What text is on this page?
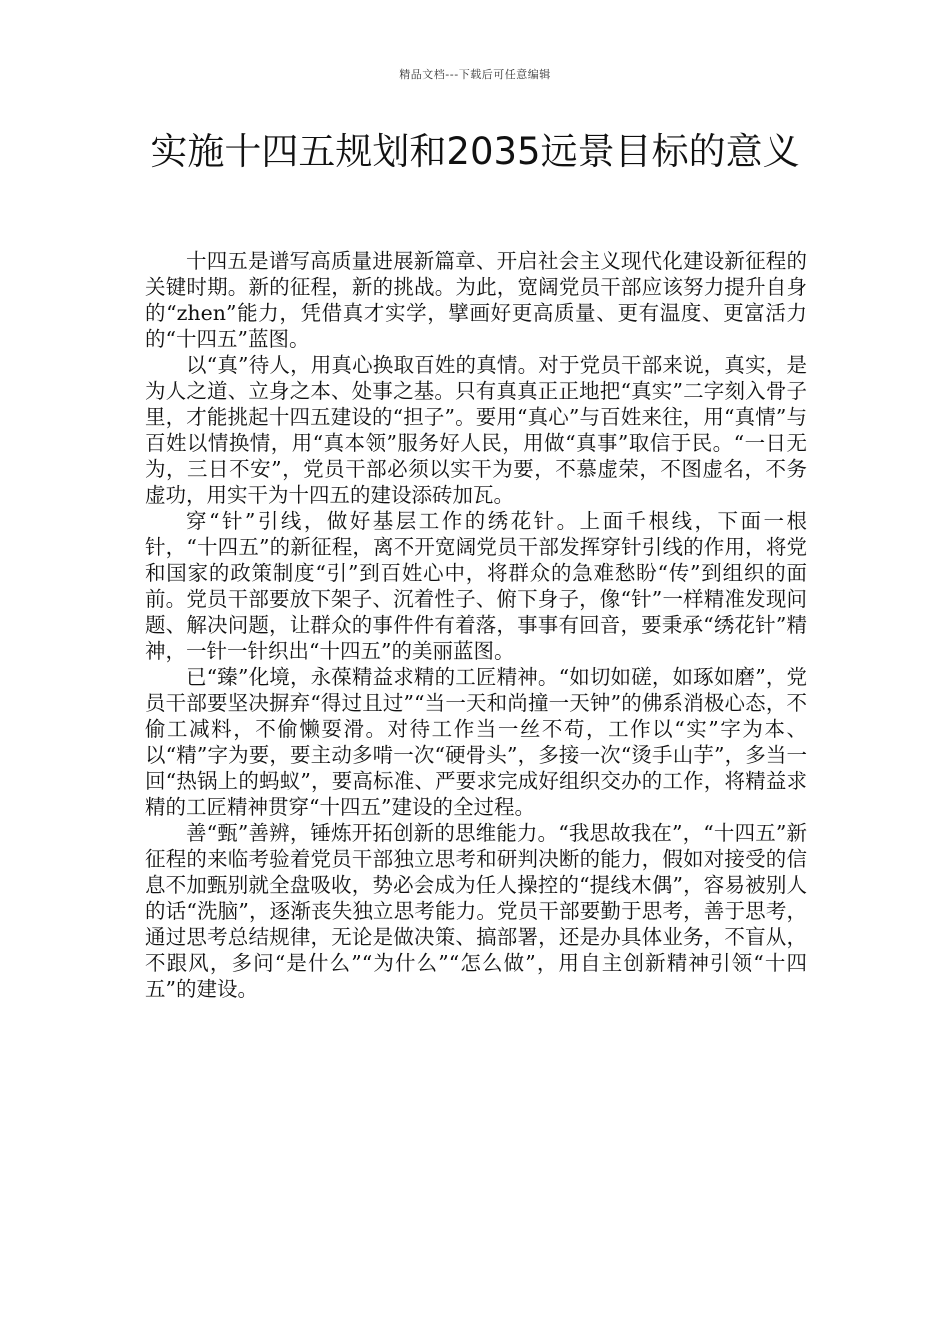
精品文档---下载后可任意编辑
实施十四五规划和2035远景目标的意义

十四五是谱写高质量进展新篇章、开启社会主义现代化建设新征程的关键时期。新的征程，新的挑战。为此，宽阔党员干部应该努力提升自身的“zhen”能力，凭借真才实学，擘画好更高质量、更有温度、更富活力的“十四五”蓝图。

以“真”待人，用真心换取百姓的真情。对于党员干部来说，真实，是为人之道、立身之本、处事之基。只有真真正正地把“真实”二字刻入骨子里，才能挑起十四五建设的“担子”。要用“真心”与百姓来往，用“真情”与百姓以情换情，用“真本领”服务好人民，用做“真事”取信于民。“一日无为，三日不安”，党员干部必须以实干为要，不慕虚荣，不图虚名，不务虚功，用实干为十四五的建设添砖加瓦。

穿“针”引线，做好基层工作的绣花针。上面千根线，下面一根针，“十四五”的新征程，离不开宽阔党员干部发挥穿针引线的作用，将党和国家的政策制度“引”到百姓心中，将群众的急难愁盼“传”到组织的面前。党员干部要放下架子、沉着性子、俯下身子，像“针”一样精准发现问题、解决问题，让群众的事件件有着落，事事有回音，要秉承“绣花针”精神，一针一针织出“十四五”的美丽蓝图。

已“臻”化境，永葆精益求精的工匠精神。“如切如磋，如琢如磨”，党员干部要坚决摒弃“得过且过”“当一天和尚撞一天钟”的佛系消极心态，不偷工减料，不偷懒耍滑。对待工作当一丝不苟，工作以“实”字为本、以“精”字为要，要主动多啃一次“硬骨头”，多接一次“烫手山芋”，多当一回“热锅上的蚂蚁”，要高标准、严要求完成好组织交办的工作，将精益求精的工匠精神贯穿“十四五”建设的全过程。

善“甄”善辨，锤炼开拓创新的思维能力。“我思故我在”，“十四五”新征程的来临考验着党员干部独立思考和研判决断的能力，假如对接受的信息不加甄别就全盘吸收，势必会成为任人操控的“提线木偶”，容易被别人的话“洗脑”，逐渐丧失独立思考能力。党员干部要勤于思考，善于思考，通过思考总结规律，无论是做决策、搞部署，还是办具体业务，不盲从，不跟风，多问“是什么”“为什么”“怎么做”，用自主创新精神引领“十四五”的建设。
